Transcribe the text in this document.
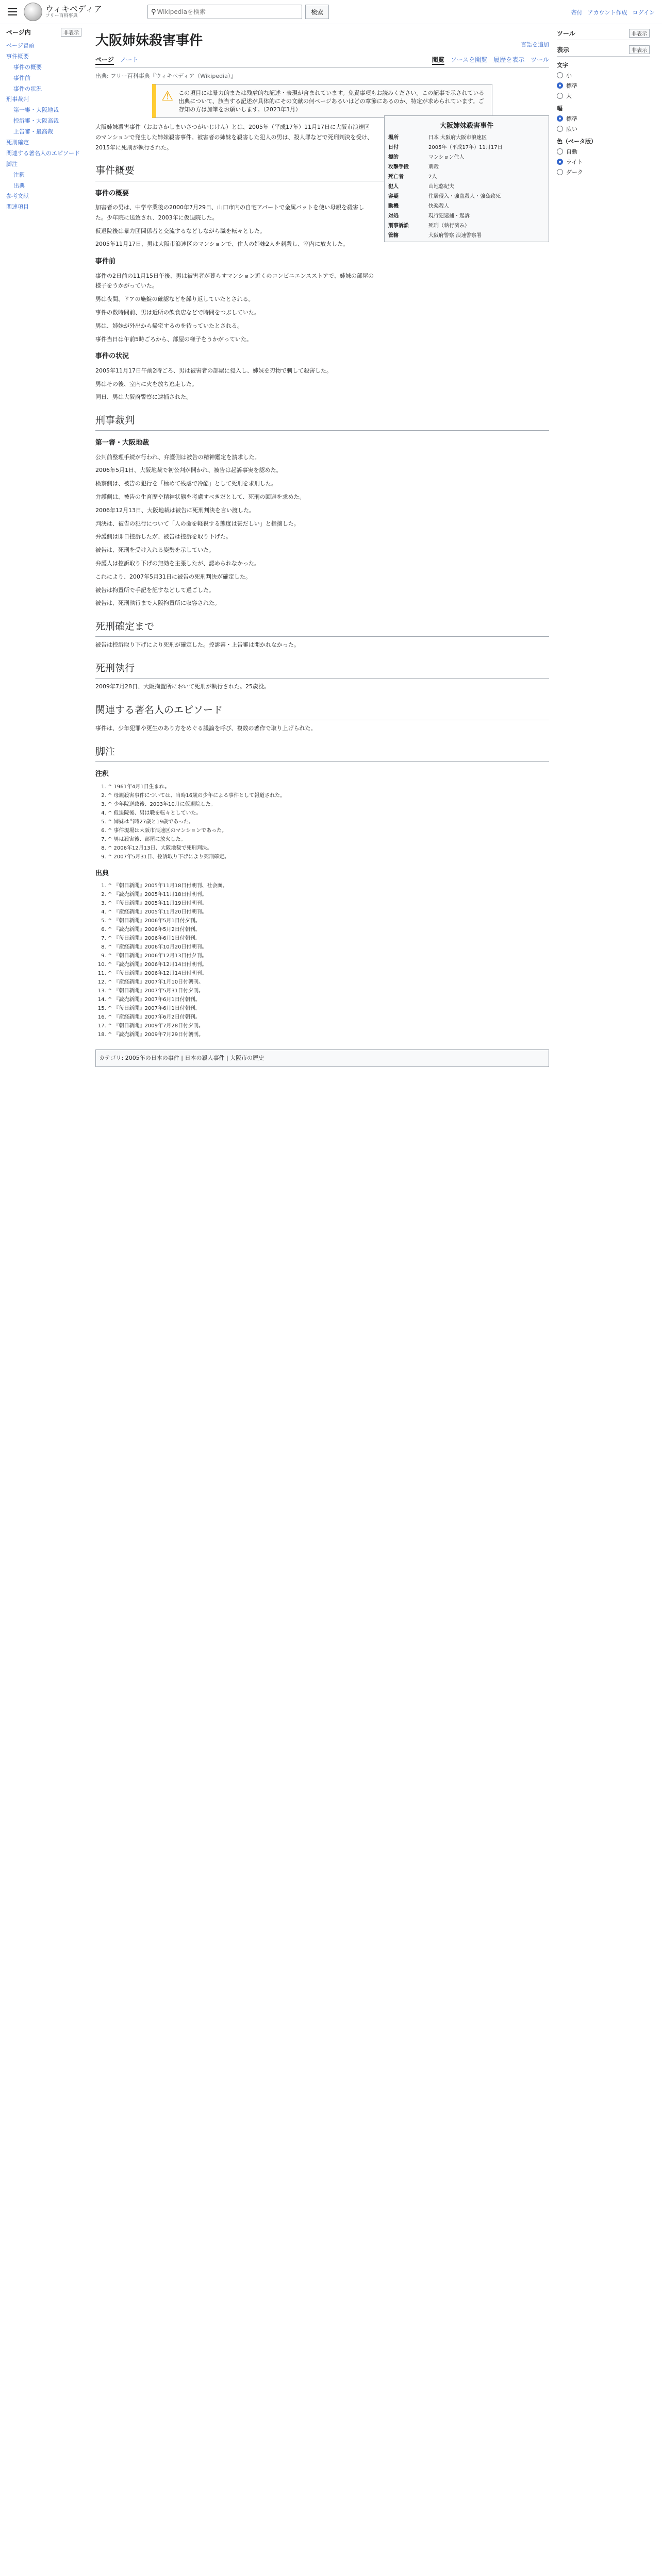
ウィキペディア
フリー百科事典
⚲
Wikipediaを検索	検索	寄付 アカウント作成 ログイン
ページ内	非表示
ページ冒頭
事件概要
事件の概要
事件前
事件の状況
刑事裁判
第一審・大阪地裁
控訴審・大阪高裁
上告審・最高裁
死刑確定
関連する著名人のエピソード
脚注
注釈
出典
参考文献
関連項目
大阪姉妹殺害事件	言語を追加
ページ ノート	閲覧 ソースを閲覧 履歴を表示 ツール
出典: フリー百科事典『ウィキペディア（Wikipedia）』
⚠ この項目には暴力的または残虐的な記述・表現が含まれています。免責事項もお読みください。この記事で示されている出典について、該当する記述が具体的にその文献の何ページあるいはどの章節にあるのか、特定が求められています。ご存知の方は加筆をお願いします。（2023年3月）
大阪姉妹殺害事件
場所	日本 大阪府大阪市浪速区
日付	2005年（平成17年）11月17日
標的	マンション住人
攻撃手段	刺殺
死亡者	2人
犯人	山地悠紀夫
容疑	住居侵入・強盗殺人・強姦致死
動機	快楽殺人
対処	現行犯逮捕・起訴
刑事訴訟	死刑（執行済み）
管轄	大阪府警察 浪速警察署

大阪姉妹殺害事件（おおさかしまいさつがいじけん）とは、2005年（平成17年）11月17日に大阪市浪速区のマンションで発生した姉妹殺害事件。被害者の姉妹を殺害した犯人の男は、殺人罪などで死刑判決を受け、2015年に死刑が執行された。

事件概要
事件の概要

加害者の男は、中学卒業後の2000年7月29日、山口市内の自宅アパートで金属バットを使い母親を殺害した。少年院に送致され、2003年に仮退院した。

仮退院後は暴力団関係者と交流するなどしながら職を転々とした。

2005年11月17日、男は大阪市浪速区のマンションで、住人の姉妹2人を刺殺し、室内に放火した。

事件前

事件の2日前の11月15日午後、男は被害者が暮らすマンション近くのコンビニエンスストアで、姉妹の部屋の様子をうかがっていた。

男は夜間、ドアの施錠の確認などを繰り返していたとされる。

事件の数時間前、男は近所の飲食店などで時間をつぶしていた。

男は、姉妹が外出から帰宅するのを待っていたとされる。

事件当日は午前5時ごろから、部屋の様子をうかがっていた。

事件の状況

2005年11月17日午前2時ごろ、男は被害者の部屋に侵入し、姉妹を刃物で刺して殺害した。

男はその後、室内に火を放ち逃走した。

同日、男は大阪府警察に逮捕された。

刑事裁判
第一審・大阪地裁

公判前整理手続が行われ、弁護側は被告の精神鑑定を請求した。

2006年5月1日、大阪地裁で初公判が開かれ、被告は起訴事実を認めた。

検察側は、被告の犯行を「極めて残虐で冷酷」として死刑を求刑した。

弁護側は、被告の生育歴や精神状態を考慮すべきだとして、死刑の回避を求めた。

2006年12月13日、大阪地裁は被告に死刑判決を言い渡した。

判決は、被告の犯行について「人の命を軽視する態度は甚だしい」と指摘した。

弁護側は即日控訴したが、被告は控訴を取り下げた。

被告は、死刑を受け入れる姿勢を示していた。

弁護人は控訴取り下げの無効を主張したが、認められなかった。

これにより、2007年5月31日に被告の死刑判決が確定した。

被告は拘置所で手記を記すなどして過ごした。

被告は、死刑執行まで大阪拘置所に収容された。

死刑確定まで

被告は控訴取り下げにより死刑が確定した。控訴審・上告審は開かれなかった。

死刑執行

2009年7月28日、大阪拘置所において死刑が執行された。25歳没。

関連する著名人のエピソード

事件は、少年犯罪や更生のあり方をめぐる議論を呼び、複数の著作で取り上げられた。

脚注
注釈
1. ^ 1961年4月1日生まれ。
2. ^ 母親殺害事件については、当時16歳の少年による事件として報道された。
3. ^ 少年院送致後、2003年10月に仮退院した。
4. ^ 仮退院後、男は職を転々としていた。
5. ^ 姉妹は当時27歳と19歳であった。
6. ^ 事件現場は大阪市浪速区のマンションであった。
7. ^ 男は殺害後、部屋に放火した。
8. ^ 2006年12月13日、大阪地裁で死刑判決。
9. ^ 2007年5月31日、控訴取り下げにより死刑確定。
出典
1. ^ 『朝日新聞』2005年11月18日付朝刊、社会面。
2. ^ 『読売新聞』2005年11月18日付朝刊。
3. ^ 『毎日新聞』2005年11月19日付朝刊。
4. ^ 『産経新聞』2005年11月20日付朝刊。
5. ^ 『朝日新聞』2006年5月1日付夕刊。
6. ^ 『読売新聞』2006年5月2日付朝刊。
7. ^ 『毎日新聞』2006年6月1日付朝刊。
8. ^ 『産経新聞』2006年10月20日付朝刊。
9. ^ 『朝日新聞』2006年12月13日付夕刊。
10. ^ 『読売新聞』2006年12月14日付朝刊。
11. ^ 『毎日新聞』2006年12月14日付朝刊。
12. ^ 『産経新聞』2007年1月10日付朝刊。
13. ^ 『朝日新聞』2007年5月31日付夕刊。
14. ^ 『読売新聞』2007年6月1日付朝刊。
15. ^ 『毎日新聞』2007年6月1日付朝刊。
16. ^ 『産経新聞』2007年6月2日付朝刊。
17. ^ 『朝日新聞』2009年7月28日付夕刊。
18. ^ 『読売新聞』2009年7月29日付朝刊。
カテゴリ: 2005年の日本の事件 | 日本の殺人事件 | 大阪市の歴史
ツール	非表示
表示	非表示
文字
小
標準
大
幅
標準
広い
色（ベータ版）
自動
ライト
ダーク
